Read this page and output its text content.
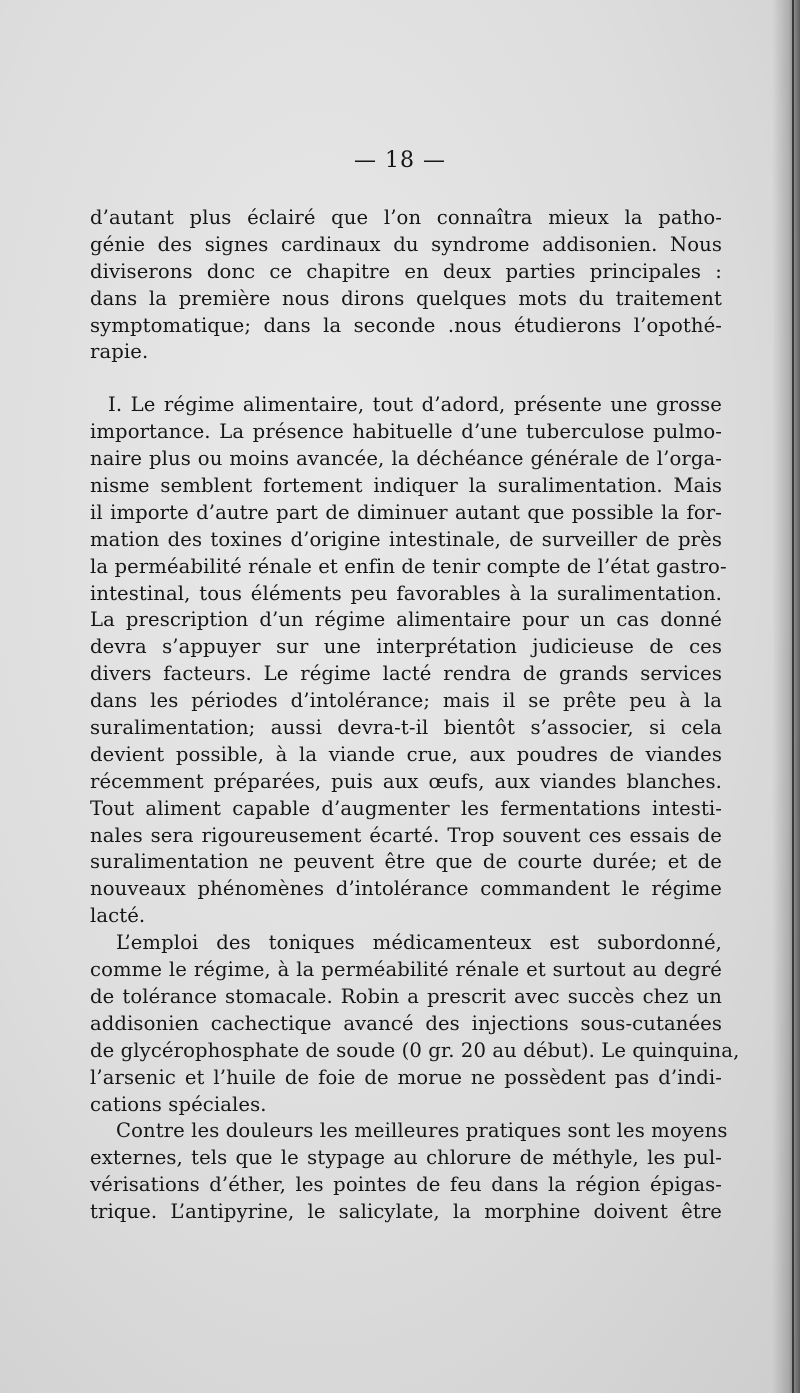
— 18 —
d’autant plus éclairé que l’on connaîtra mieux la patho-
génie des signes cardinaux du syndrome addisonien. Nous
diviserons donc ce chapitre en deux parties principales :
dans la première nous dirons quelques mots du traitement
symptomatique; dans la seconde .nous étudierons l’opothé-
rapie.
I. Le régime alimentaire, tout d’adord, présente une grosse
importance. La présence habituelle d’une tuberculose pulmo-
naire plus ou moins avancée, la déchéance générale de l’orga-
nisme semblent fortement indiquer la suralimentation. Mais
il importe d’autre part de diminuer autant que possible la for-
mation des toxines d’origine intestinale, de surveiller de près
la perméabilité rénale et enfin de tenir compte de l’état gastro-
intestinal, tous éléments peu favorables à la suralimentation.
La prescription d’un régime alimentaire pour un cas donné
devra s’appuyer sur une interprétation judicieuse de ces
divers facteurs. Le régime lacté rendra de grands services
dans les périodes d’intolérance; mais il se prête peu à la
suralimentation; aussi devra-t-il bientôt s’associer, si cela
devient possible, à la viande crue, aux poudres de viandes
récemment préparées, puis aux œufs, aux viandes blanches.
Tout aliment capable d’augmenter les fermentations intesti-
nales sera rigoureusement écarté. Trop souvent ces essais de
suralimentation ne peuvent être que de courte durée; et de
nouveaux phénomènes d’intolérance commandent le régime
lacté.
L’emploi des toniques médicamenteux est subordonné,
comme le régime, à la perméabilité rénale et surtout au degré
de tolérance stomacale. Robin a prescrit avec succès chez un
addisonien cachectique avancé des injections sous-cutanées
de glycérophosphate de soude (0 gr. 20 au début). Le quinquina,
l’arsenic et l’huile de foie de morue ne possèdent pas d’indi-
cations spéciales.
Contre les douleurs les meilleures pratiques sont les moyens
externes, tels que le stypage au chlorure de méthyle, les pul-
vérisations d’éther, les pointes de feu dans la région épigas-
trique. L’antipyrine, le salicylate, la morphine doivent être
